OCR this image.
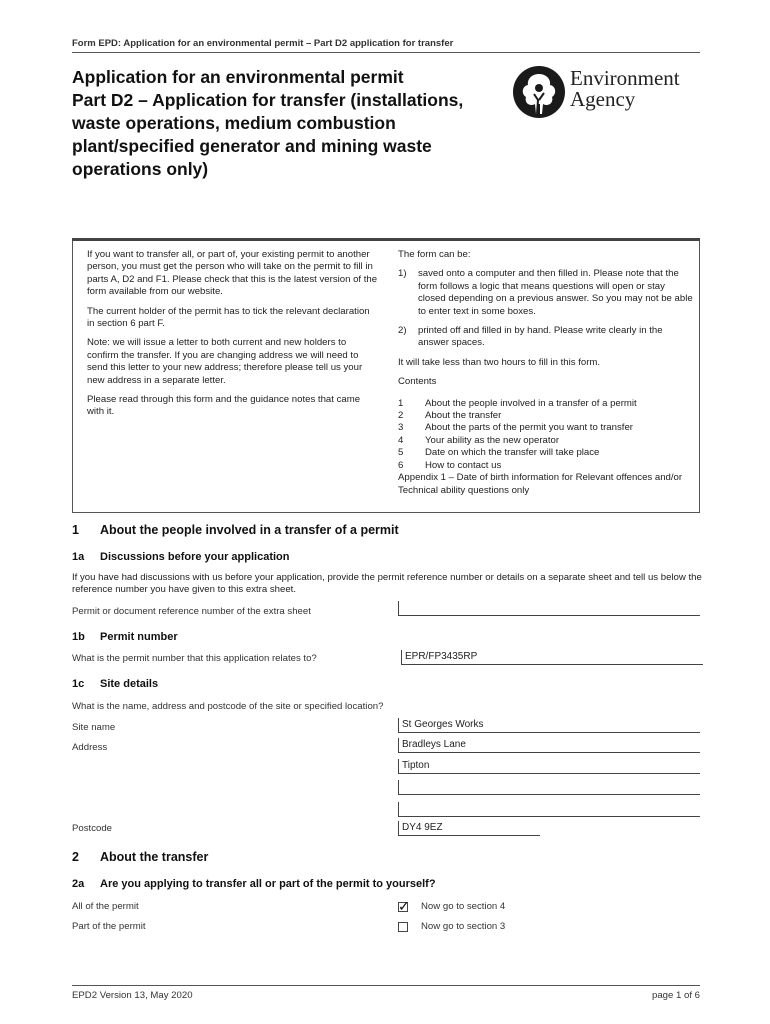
Form EPD: Application for an environmental permit – Part D2 application for transfer
Application for an environmental permit
Part D2 – Application for transfer (installations,
waste operations, medium combustion
plant/specified generator and mining waste
operations only)
Environment
Agency

If you want to transfer all, or part of, your existing permit to another person, you must get the person who will take on the permit to fill in parts A, D2 and F1. Please check that this is the latest version of the form available from our website.

The current holder of the permit has to tick the relevant declaration in section 6 part F.

Note: we will issue a letter to both current and new holders to confirm the transfer. If you are changing address we will need to send this letter to your new address; therefore please tell us your new address in a separate letter.

Please read through this form and the guidance notes that came with it.

The form can be:
1)	saved onto a computer and then filled in. Please note that the form follows a logic that means questions will open or stay closed depending on a previous answer. So you may not be able to enter text in some boxes.
2)	printed off and filled in by hand. Please write clearly in the answer spaces.
It will take less than two hours to fill in this form.
Contents
1	About the people involved in a transfer of a permit
2	About the transfer
3	About the parts of the permit you want to transfer
4	Your ability as the new operator
5	Date on which the transfer will take place
6	How to contact us
Appendix 1 – Date of birth information for Relevant offences and/or Technical ability questions only
1 About the people involved in a transfer of a permit
1a Discussions before your application
If you have had discussions with us before your application, provide the permit reference number or details on a separate sheet and tell us below the reference number you have given to this extra sheet.
Permit or document reference number of the extra sheet
1b Permit number
What is the permit number that this application relates to?	EPR/FP3435RP
1c Site details
What is the name, address and postcode of the site or specified location?
Site name	St Georges Works
Address	Bradleys Lane
Tipton
Postcode	DY4 9EZ
2 About the transfer
2a Are you applying to transfer all or part of the permit to yourself?
All of the permit	✓ Now go to section 4
Part of the permit	Now go to section 3
EPD2 Version 13, May 2020	page 1 of 6
